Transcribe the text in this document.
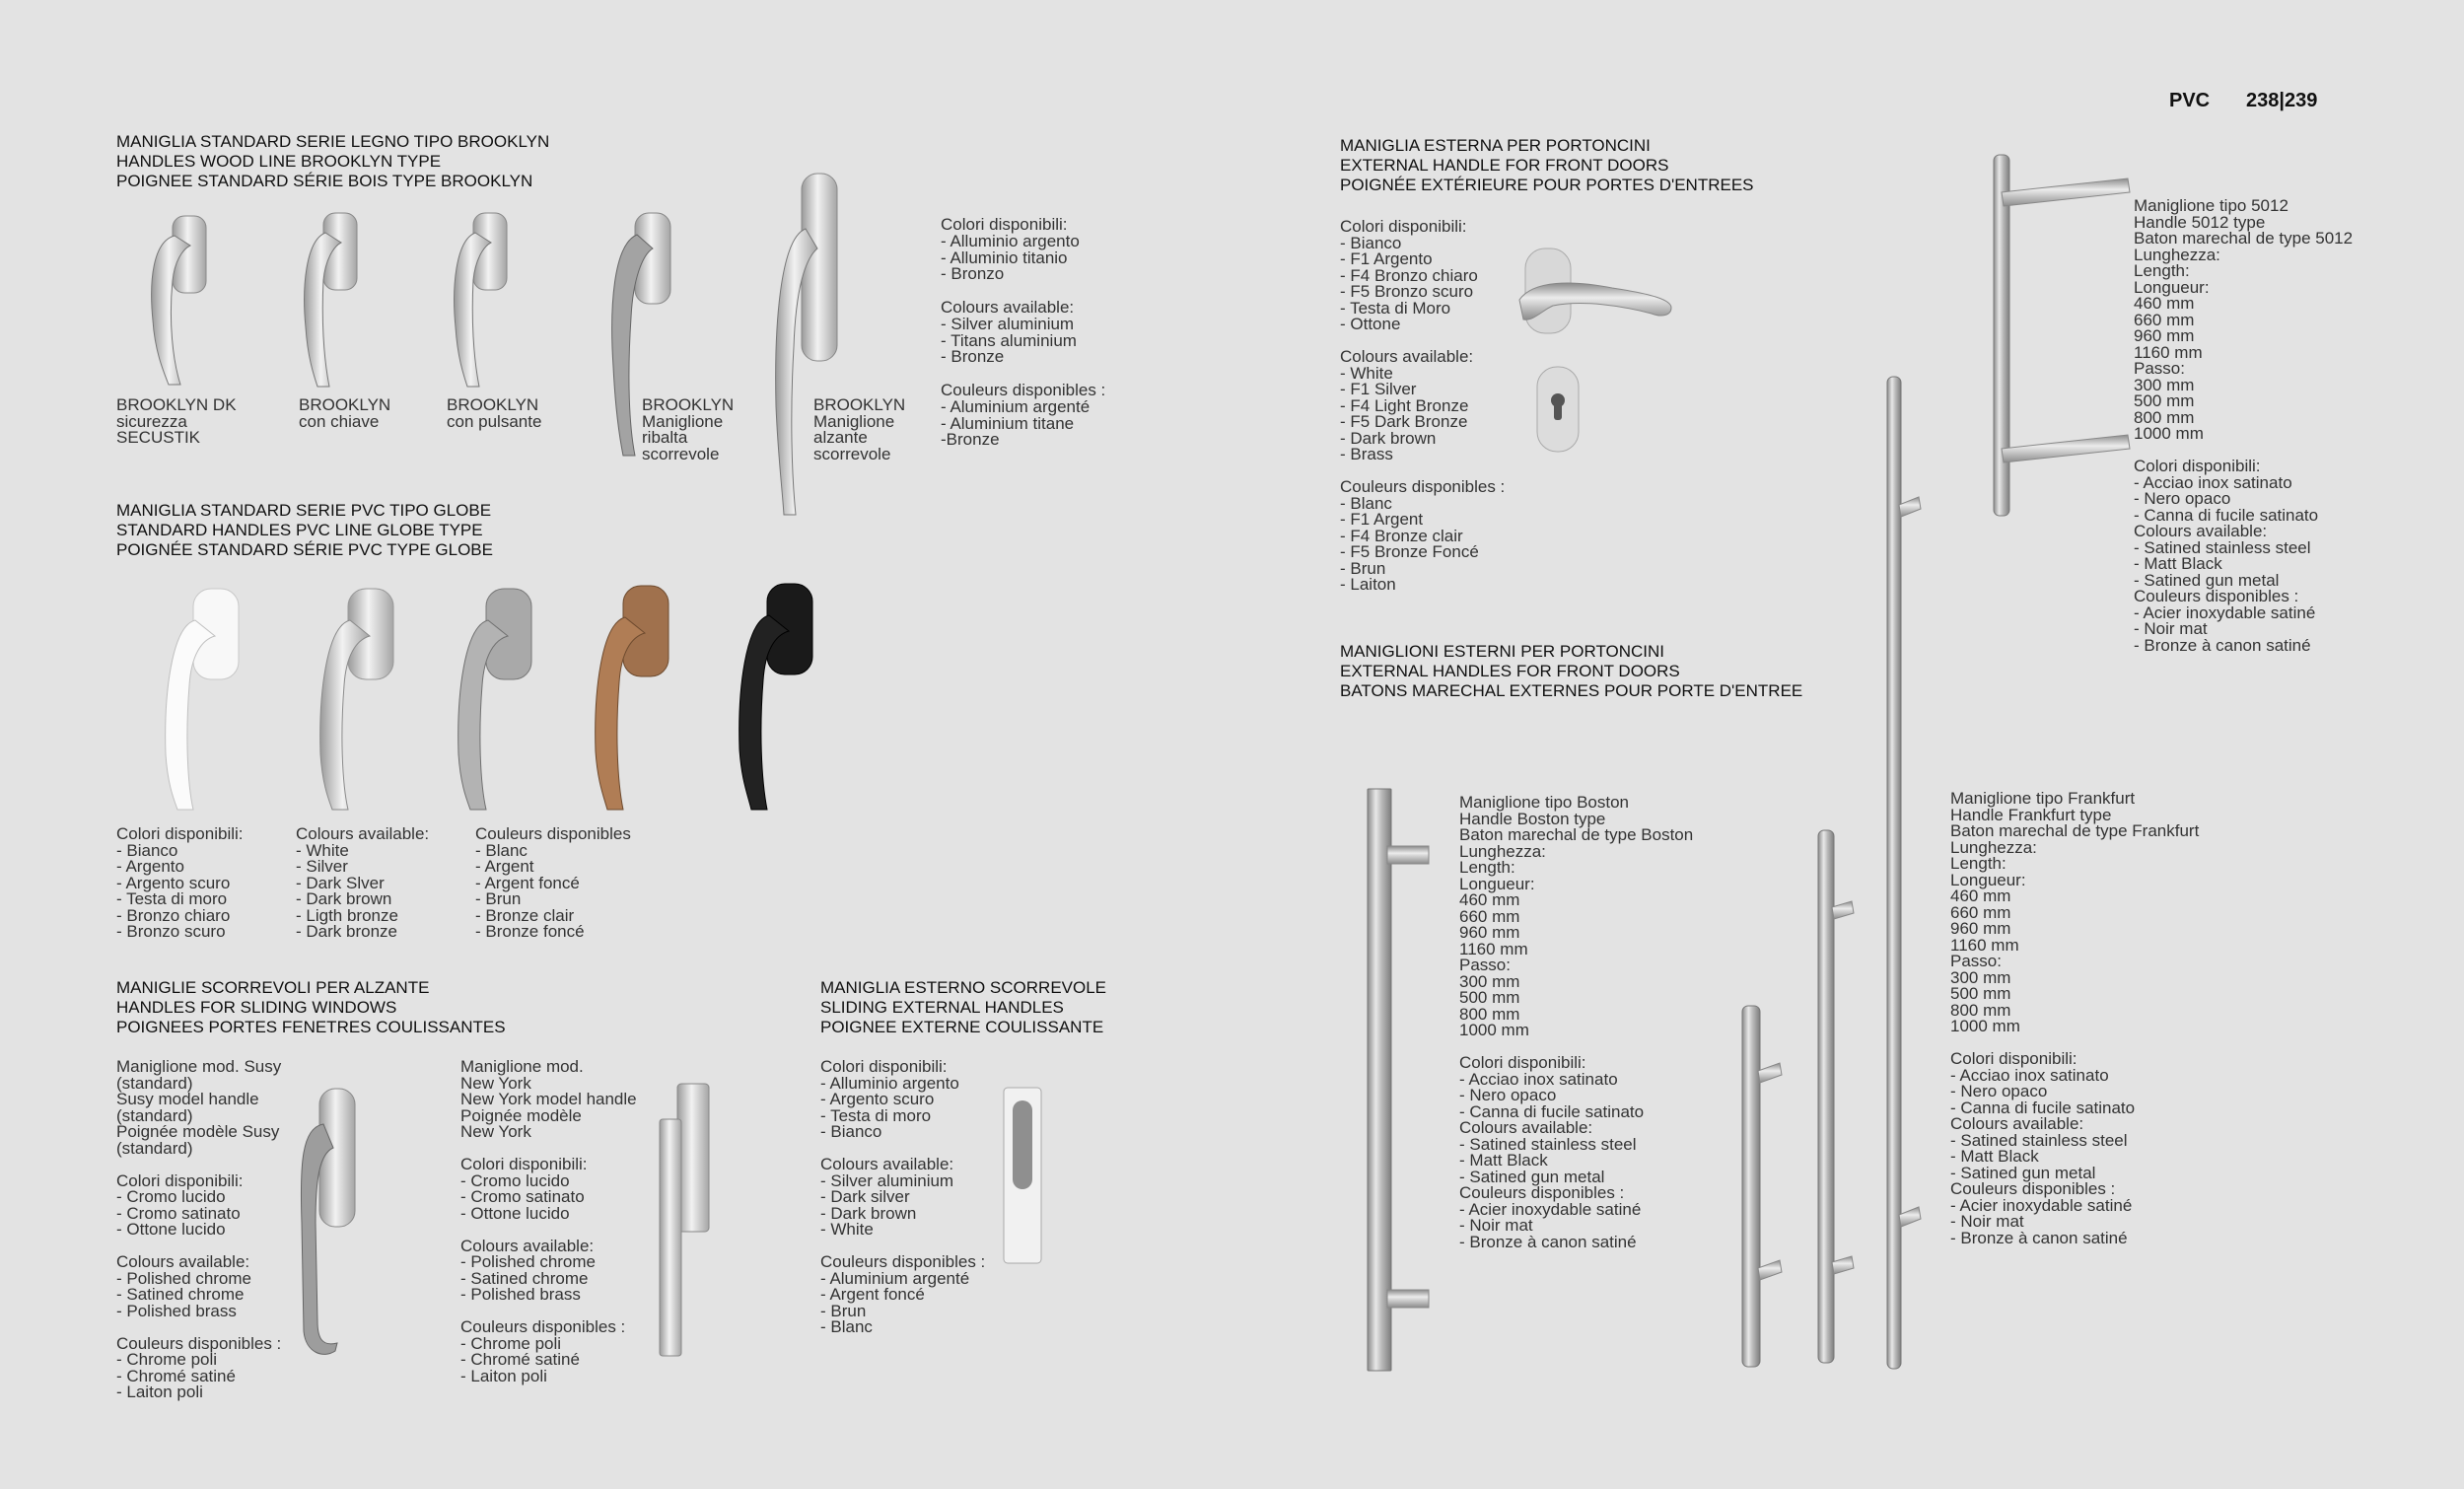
PVC 238|239
MANIGLIA STANDARD SERIE LEGNO TIPO BROOKLYN
HANDLES WOOD LINE BROOKLYN TYPE
POIGNEE STANDARD SÉRIE BOIS TYPE BROOKLYN
BROOKLYN DK
sicurezza
SECUSTIK
BROOKLYN
con chiave
BROOKLYN
con pulsante
BROOKLYN
Maniglione
ribalta
scorrevole
BROOKLYN
Maniglione
alzante
scorrevole
Colori disponibili:
- Alluminio argento
- Alluminio titanio
- Bronzo

Colours available:
- Silver aluminium
- Titans aluminium
- Bronze

Couleurs disponibles :
- Aluminium argenté
- Aluminium titane
-Bronze
MANIGLIA STANDARD SERIE PVC TIPO GLOBE
STANDARD HANDLES PVC LINE GLOBE TYPE
POIGNÉE STANDARD SÉRIE PVC TYPE GLOBE
Colori disponibili:
- Bianco
- Argento
- Argento scuro
- Testa di moro
- Bronzo chiaro
- Bronzo scuro
Colours available:
- White
- Silver
- Dark Slver
- Dark brown
- Ligth bronze
- Dark bronze
Couleurs disponibles
- Blanc
- Argent
- Argent foncé
- Brun
- Bronze clair
- Bronze foncé
MANIGLIE SCORREVOLI PER ALZANTE
HANDLES FOR SLIDING WINDOWS
POIGNEES PORTES FENETRES COULISSANTES
Maniglione mod. Susy
(standard)
Susy model handle
(standard)
Poignée modèle Susy
(standard)

Colori disponibili:
- Cromo lucido
- Cromo satinato
- Ottone lucido

Colours available:
- Polished chrome
- Satined chrome
- Polished brass

Couleurs disponibles :
- Chrome poli
- Chromé satiné
- Laiton poli
Maniglione mod.
New York
New York model handle
Poignée modèle
New York

Colori disponibili:
- Cromo lucido
- Cromo satinato
- Ottone lucido

Colours available:
- Polished chrome
- Satined chrome
- Polished brass

Couleurs disponibles :
- Chrome poli
- Chromé satiné
- Laiton poli
MANIGLIA ESTERNO SCORREVOLE
SLIDING EXTERNAL HANDLES
POIGNEE EXTERNE COULISSANTE
Colori disponibili:
- Alluminio argento
- Argento scuro
- Testa di moro
- Bianco

Colours available:
- Silver aluminium
- Dark silver
- Dark brown
- White

Couleurs disponibles :
- Aluminium argenté
- Argent foncé
- Brun
- Blanc
MANIGLIA ESTERNA PER PORTONCINI
EXTERNAL HANDLE FOR FRONT DOORS
POIGNÉE EXTÉRIEURE POUR PORTES D'ENTREES
Colori disponibili:
- Bianco
- F1 Argento
- F4 Bronzo chiaro
- F5 Bronzo scuro
- Testa di Moro
- Ottone

Colours available:
- White
- F1 Silver
- F4 Light Bronze
- F5 Dark Bronze
- Dark brown
- Brass

Couleurs disponibles :
- Blanc
- F1 Argent
- F4 Bronze clair
- F5 Bronze Foncé
- Brun
- Laiton
MANIGLIONI ESTERNI PER PORTONCINI
EXTERNAL HANDLES FOR FRONT DOORS
BATONS MARECHAL EXTERNES POUR PORTE D'ENTREE
Maniglione tipo 5012
Handle 5012 type
Baton marechal de type 5012
Lunghezza:
Length:
Longueur:
460 mm
660 mm
960 mm
1160 mm
Passo:
300 mm
500 mm
800 mm
1000 mm

Colori disponibili:
- Acciao inox satinato
- Nero opaco
- Canna di fucile satinato
Colours available:
- Satined stainless steel
- Matt Black
- Satined gun metal
Couleurs disponibles :
- Acier inoxydable satiné
- Noir mat
- Bronze à canon satiné
Maniglione tipo Boston
Handle Boston type
Baton marechal de type Boston
Lunghezza:
Length:
Longueur:
460 mm
660 mm
960 mm
1160 mm
Passo:
300 mm
500 mm
800 mm
1000 mm

Colori disponibili:
- Acciao inox satinato
- Nero opaco
- Canna di fucile satinato
Colours available:
- Satined stainless steel
- Matt Black
- Satined gun metal
Couleurs disponibles :
- Acier inoxydable satiné
- Noir mat
- Bronze à canon satiné
Maniglione tipo Frankfurt
Handle Frankfurt type
Baton marechal de type Frankfurt
Lunghezza:
Length:
Longueur:
460 mm
660 mm
960 mm
1160 mm
Passo:
300 mm
500 mm
800 mm
1000 mm

Colori disponibili:
- Acciao inox satinato
- Nero opaco
- Canna di fucile satinato
Colours available:
- Satined stainless steel
- Matt Black
- Satined gun metal
Couleurs disponibles :
- Acier inoxydable satiné
- Noir mat
- Bronze à canon satiné
